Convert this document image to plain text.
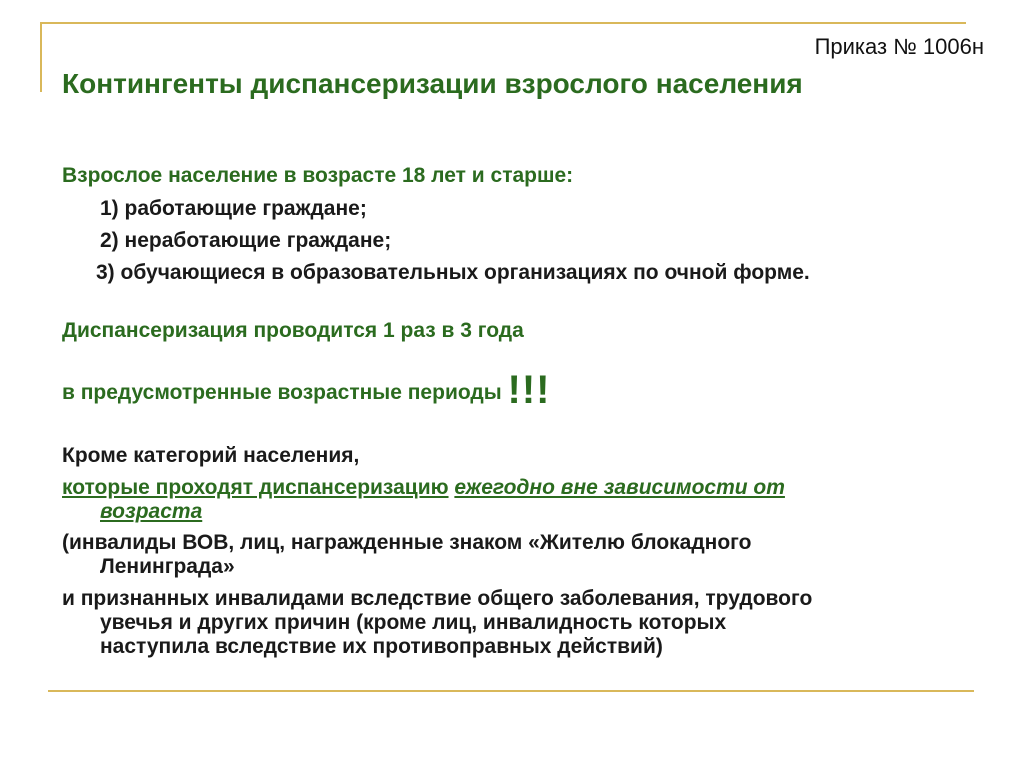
Приказ № 1006н
Контингенты диспансеризации взрослого населения
Взрослое население в возрасте 18 лет и старше:
1) работающие граждане;
2) неработающие граждане;
3) обучающиеся в образовательных организациях по очной форме.
Диспансеризация проводится 1 раз в 3 года
в предусмотренные возрастные периоды !!!
Кроме категорий населения,
которые проходят диспансеризацию ежегодно вне зависимости от
возраста
(инвалиды ВОВ, лиц, награжденные знаком «Жителю блокадного
Ленинграда»
и признанных инвалидами вследствие общего заболевания, трудового
увечья и других причин (кроме лиц, инвалидность которых
наступила вследствие их противоправных действий)
